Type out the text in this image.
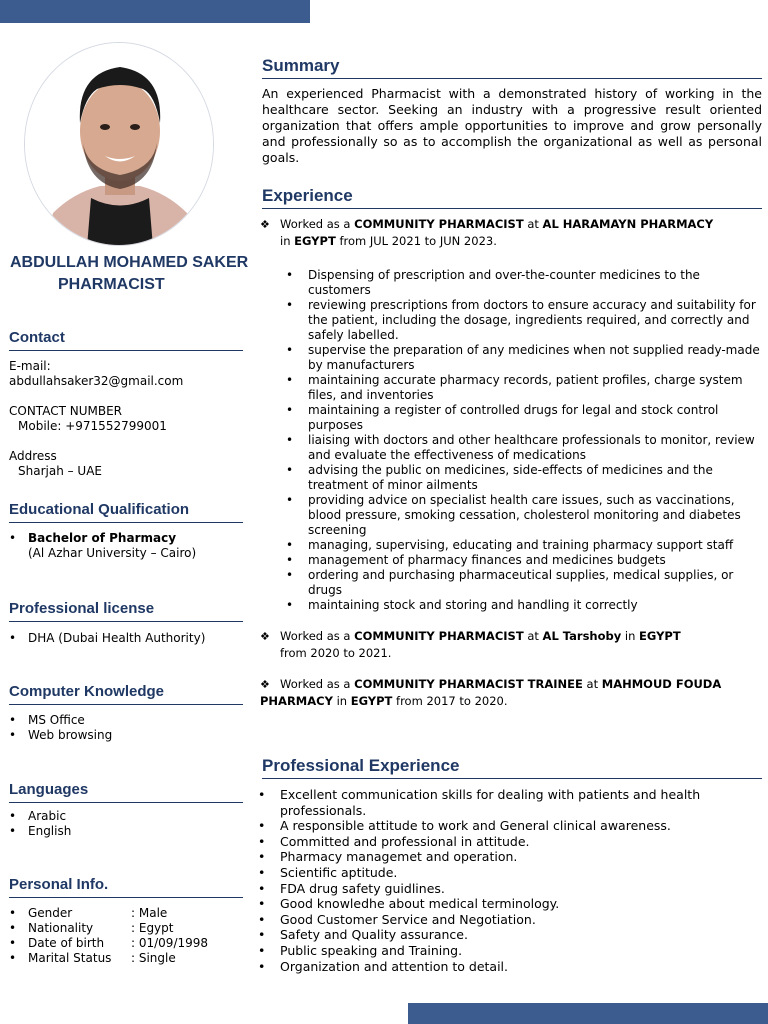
ABDULLAH MOHAMED SAKER
PHARMACIST
Contact
E-mail:
abdullahsaker32@gmail.com
CONTACT NUMBER
Mobile: +971552799001
Address
Sharjah – UAE
Educational Qualification
• Bachelor of Pharmacy
(Al Azhar University – Cairo)
Professional license
• DHA (Dubai Health Authority)
Computer Knowledge
• MS Office
• Web browsing
Languages
• Arabic
• English
Personal Info.
• Gender	: Male
• Nationality	: Egypt
• Date of birth	: 01/09/1998
• Marital Status	: Single
Summary
An experienced Pharmacist with a demonstrated history of working in the healthcare sector. Seeking an industry with a progressive result oriented organization that offers ample opportunities to improve and grow personally and professionally so as to accomplish the organizational as well as personal goals.
Experience
❖ Worked as a COMMUNITY PHARMACIST at AL HARAMAYN PHARMACY
in EGYPT from JUL 2021 to JUN 2023.
• Dispensing of prescription and over-the-counter medicines to the customers
• reviewing prescriptions from doctors to ensure accuracy and suitability for the patient, including the dosage, ingredients required, and correctly and safely labelled.
• supervise the preparation of any medicines when not supplied ready-made by manufacturers
• maintaining accurate pharmacy records, patient profiles, charge system files, and inventories
• maintaining a register of controlled drugs for legal and stock control purposes
• liaising with doctors and other healthcare professionals to monitor, review and evaluate the effectiveness of medications
• advising the public on medicines, side-effects of medicines and the treatment of minor ailments
• providing advice on specialist health care issues, such as vaccinations, blood pressure, smoking cessation, cholesterol monitoring and diabetes screening
• managing, supervising, educating and training pharmacy support staff
• management of pharmacy finances and medicines budgets
• ordering and purchasing pharmaceutical supplies, medical supplies, or drugs
• maintaining stock and storing and handling it correctly
❖ Worked as a COMMUNITY PHARMACIST at AL Tarshoby in EGYPT
from 2020 to 2021.
❖ Worked as a COMMUNITY PHARMACIST TRAINEE at MAHMOUD FOUDA PHARMACY in EGYPT from 2017 to 2020.
Professional Experience
• Excellent communication skills for dealing with patients and health professionals.
• A responsible attitude to work and General clinical awareness.
• Committed and professional in attitude.
• Pharmacy managemet and operation.
• Scientific aptitude.
• FDA drug safety guidlines.
• Good knowledhe about medical terminology.
• Good Customer Service and Negotiation.
• Safety and Quality assurance.
• Public speaking and Training.
• Organization and attention to detail.
